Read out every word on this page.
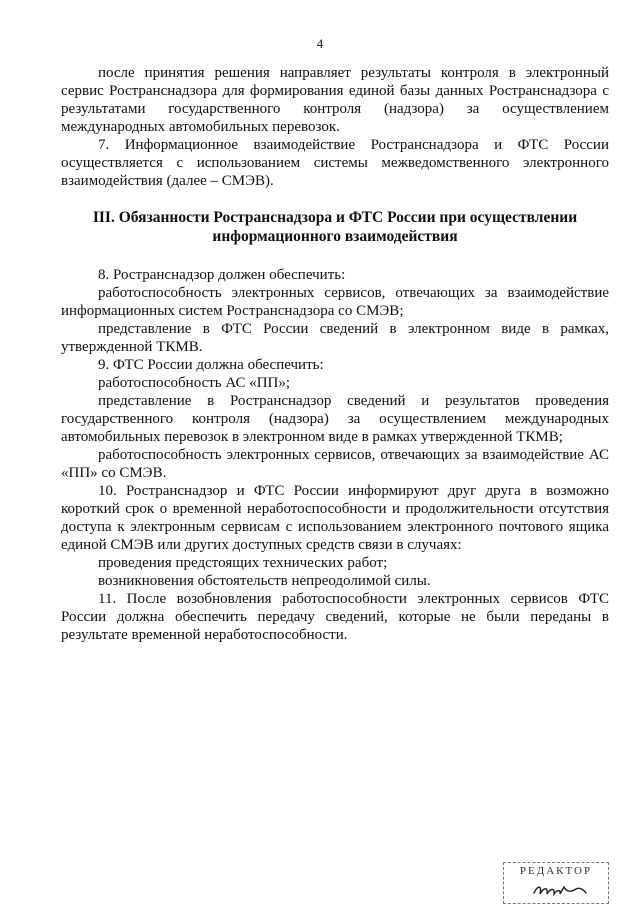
4

после принятия решения направляет результаты контроля в электронный сервис Ространснадзора для формирования единой базы данных Ространснадзора с результатами государственного контроля (надзора) за осуществлением международных автомобильных перевозок.

7. Информационное взаимодействие Ространснадзора и ФТС России осуществляется с использованием системы межведомственного электронного взаимодействия (далее – СМЭВ).

III. Обязанности Ространснадзора и ФТС России при осуществлении
информационного взаимодействия

8. Ространснадзор должен обеспечить:

работоспособность электронных сервисов, отвечающих за взаимодействие информационных систем Ространснадзора со СМЭВ;

представление в ФТС России сведений в электронном виде в рамках, утвержденной ТКМВ.

9. ФТС России должна обеспечить:

работоспособность АС «ПП»;

представление в Ространснадзор сведений и результатов проведения государственного контроля (надзора) за осуществлением международных автомобильных перевозок в электронном виде в рамках утвержденной ТКМВ;

работоспособность электронных сервисов, отвечающих за взаимодействие АС «ПП» со СМЭВ.

10. Ространснадзор и ФТС России информируют друг друга в возможно короткий срок о временной неработоспособности и продолжительности отсутствия доступа к электронным сервисам с использованием электронного почтового ящика единой СМЭВ или других доступных средств связи в случаях:

проведения предстоящих технических работ;

возникновения обстоятельств непреодолимой силы.

11. После возобновления работоспособности электронных сервисов ФТС России должна обеспечить передачу сведений, которые не были переданы в результате временной неработоспособности.

РЕДАКТОР
